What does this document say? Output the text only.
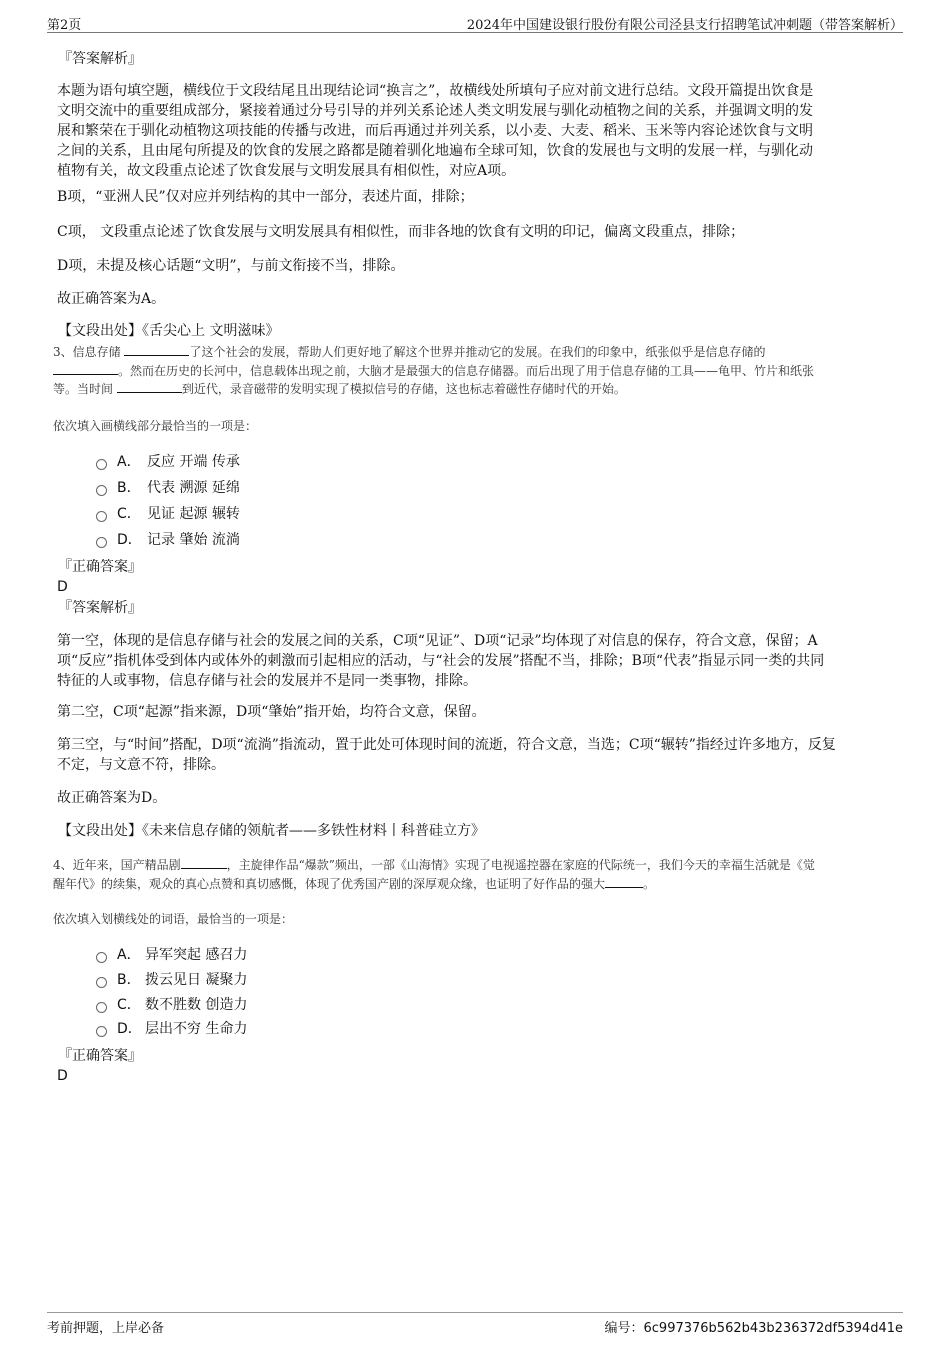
第2页	2024年中国建设银行股份有限公司泾县支行招聘笔试冲刺题（带答案解析）
『答案解析』
本题为语句填空题，横线位于文段结尾且出现结论词“换言之”，故横线处所填句子应对前文进行总结。文段开篇提出饮食是
文明交流中的重要组成部分，紧接着通过分号引导的并列关系论述人类文明发展与驯化动植物之间的关系，并强调文明的发
展和繁荣在于驯化动植物这项技能的传播与改进，而后再通过并列关系，以小麦、大麦、稻米、玉米等内容论述饮食与文明
之间的关系，且由尾句所提及的饮食的发展之路都是随着驯化地遍布全球可知，饮食的发展也与文明的发展一样，与驯化动
植物有关，故文段重点论述了饮食发展与文明发展具有相似性，对应A项。
B项，“亚洲人民”仅对应并列结构的其中一部分，表述片面，排除；
C项， 文段重点论述了饮食发展与文明发展具有相似性，而非各地的饮食有文明的印记，偏离文段重点，排除；
D项，未提及核心话题“文明”，与前文衔接不当，排除。
故正确答案为A。
【文段出处】《舌尖心上 文明滋味》
3、信息存储	了这个社会的发展，帮助人们更好地了解这个世界并推动它的发展。在我们的印象中，纸张似乎是信息存储的
。然而在历史的长河中，信息载体出现之前，大脑才是最强大的信息存储器。而后出现了用于信息存储的工具——龟甲、竹片和纸张
等。当时间	到近代，录音磁带的发明实现了模拟信号的存储，这也标志着磁性存储时代的开始。
依次填入画横线部分最恰当的一项是：
A． 反应 开端 传承
B． 代表 溯源 延绵
C． 见证 起源 辗转
D． 记录 肇始 流淌
『正确答案』
D
『答案解析』
第一空，体现的是信息存储与社会的发展之间的关系，C项“见证”、D项“记录”均体现了对信息的保存，符合文意，保留；A
项“反应”指机体受到体内或体外的刺激而引起相应的活动，与“社会的发展”搭配不当，排除；B项“代表”指显示同一类的共同
特征的人或事物，信息存储与社会的发展并不是同一类事物，排除。
第二空，C项“起源”指来源，D项“肇始”指开始，均符合文意，保留。
第三空，与“时间”搭配，D项“流淌”指流动，置于此处可体现时间的流逝，符合文意，当选；C项“辗转”指经过许多地方，反复
不定，与文意不符，排除。
故正确答案为D。
【文段出处】《未来信息存储的领航者——多铁性材料丨科普硅立方》
4、近年来，国产精品剧	，主旋律作品“爆款”频出，一部《山海情》实现了电视遥控器在家庭的代际统一，我们今天的幸福生活就是《觉
醒年代》的续集，观众的真心点赞和真切感慨，体现了优秀国产剧的深厚观众缘，也证明了好作品的强大	。
依次填入划横线处的词语，最恰当的一项是：
A． 异军突起 感召力
B． 拨云见日 凝聚力
C． 数不胜数 创造力
D． 层出不穷 生命力
『正确答案』
D
考前押题，上岸必备	编号：6c997376b562b43b236372df5394d41e
